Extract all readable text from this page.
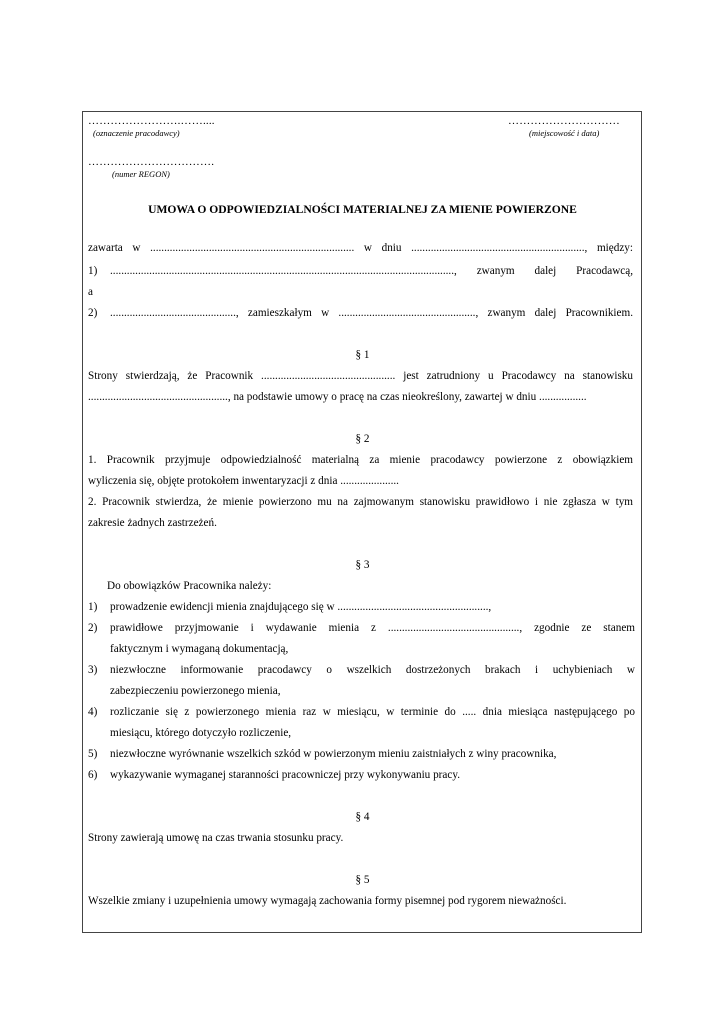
…………………….……....
(oznaczenie pracodawcy)
…………………………
(miejscowość i data)
…………………………….
(numer REGON)
UMOWA O ODPOWIEDZIALNOŚCI MATERIALNEJ ZA MIENIE POWIERZONE
zawarta w ......................................................................... w dniu .............................................................., między:
1) ..........................................................................................................................., zwanym dalej Pracodawcą,
a
2) ............................................., zamieszkałym w ................................................., zwanym dalej Pracownikiem.
§ 1
Strony stwierdzają, że Pracownik ................................................ jest zatrudniony u Pracodawcy na stanowisku
.................................................., na podstawie umowy o pracę na czas nieokreślony, zawartej w dniu .................
§ 2
1. Pracownik przyjmuje odpowiedzialność materialną za mienie pracodawcy powierzone z obowiązkiem
wyliczenia się, objęte protokołem inwentaryzacji z dnia .....................
2. Pracownik stwierdza, że mienie powierzono mu na zajmowanym stanowisku prawidłowo i nie zgłasza w tym
zakresie żadnych zastrzeżeń.
§ 3
Do obowiązków Pracownika należy:
1) prowadzenie ewidencji mienia znajdującego się w ......................................................,
2) prawidłowe przyjmowanie i wydawanie mienia z ..............................................., zgodnie ze stanem
faktycznym i wymaganą dokumentacją,
3) niezwłoczne informowanie pracodawcy o wszelkich dostrzeżonych brakach i uchybieniach w
zabezpieczeniu powierzonego mienia,
4) rozliczanie się z powierzonego mienia raz w miesiącu, w terminie do ..... dnia miesiąca następującego po
miesiącu, którego dotyczyło rozliczenie,
5) niezwłoczne wyrównanie wszelkich szkód w powierzonym mieniu zaistniałych z winy pracownika,
6) wykazywanie wymaganej staranności pracowniczej przy wykonywaniu pracy.
§ 4
Strony zawierają umowę na czas trwania stosunku pracy.
§ 5
Wszelkie zmiany i uzupełnienia umowy wymagają zachowania formy pisemnej pod rygorem nieważności.
